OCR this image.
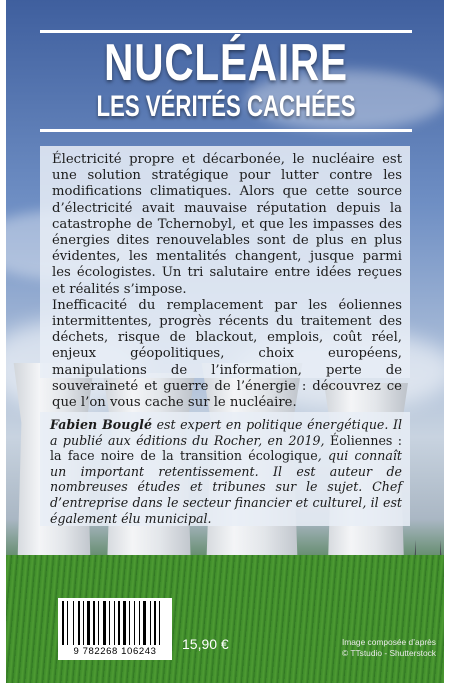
NUCLÉAIRE
LES VÉRITÉS CACHÉES

Électricité propre et décarbonée, le nucléaire est une solution stratégique pour lutter contre les modifications climatiques. Alors que cette source d’électricité avait mauvaise réputation depuis la catastrophe de Tchernobyl, et que les impasses des énergies dites renouvelables sont de plus en plus évidentes, les mentalités changent, jusque parmi les écologistes. Un tri salutaire entre idées reçues et réalités s’impose.

Inefficacité du remplacement par les éoliennes intermittentes, progrès récents du traitement des déchets, risque de blackout, emplois, coût réel, enjeux géopolitiques, choix européens, manipulations de l’information, perte de souveraineté et guerre de l’énergie : découvrez ce que l’on vous cache sur le nucléaire.

Fabien Bouglé est expert en politique énergétique. Il a publié aux éditions du Rocher, en 2019, Éoliennes : la face noire de la transition écologique, qui connaît un important retentissement. Il est auteur de nombreuses études et tribunes sur le sujet. Chef d’entreprise dans le secteur financier et culturel, il est également élu municipal.
9 782268 106243	15,90 €	Image composée d’après
© TTstudio - Shutterstock
